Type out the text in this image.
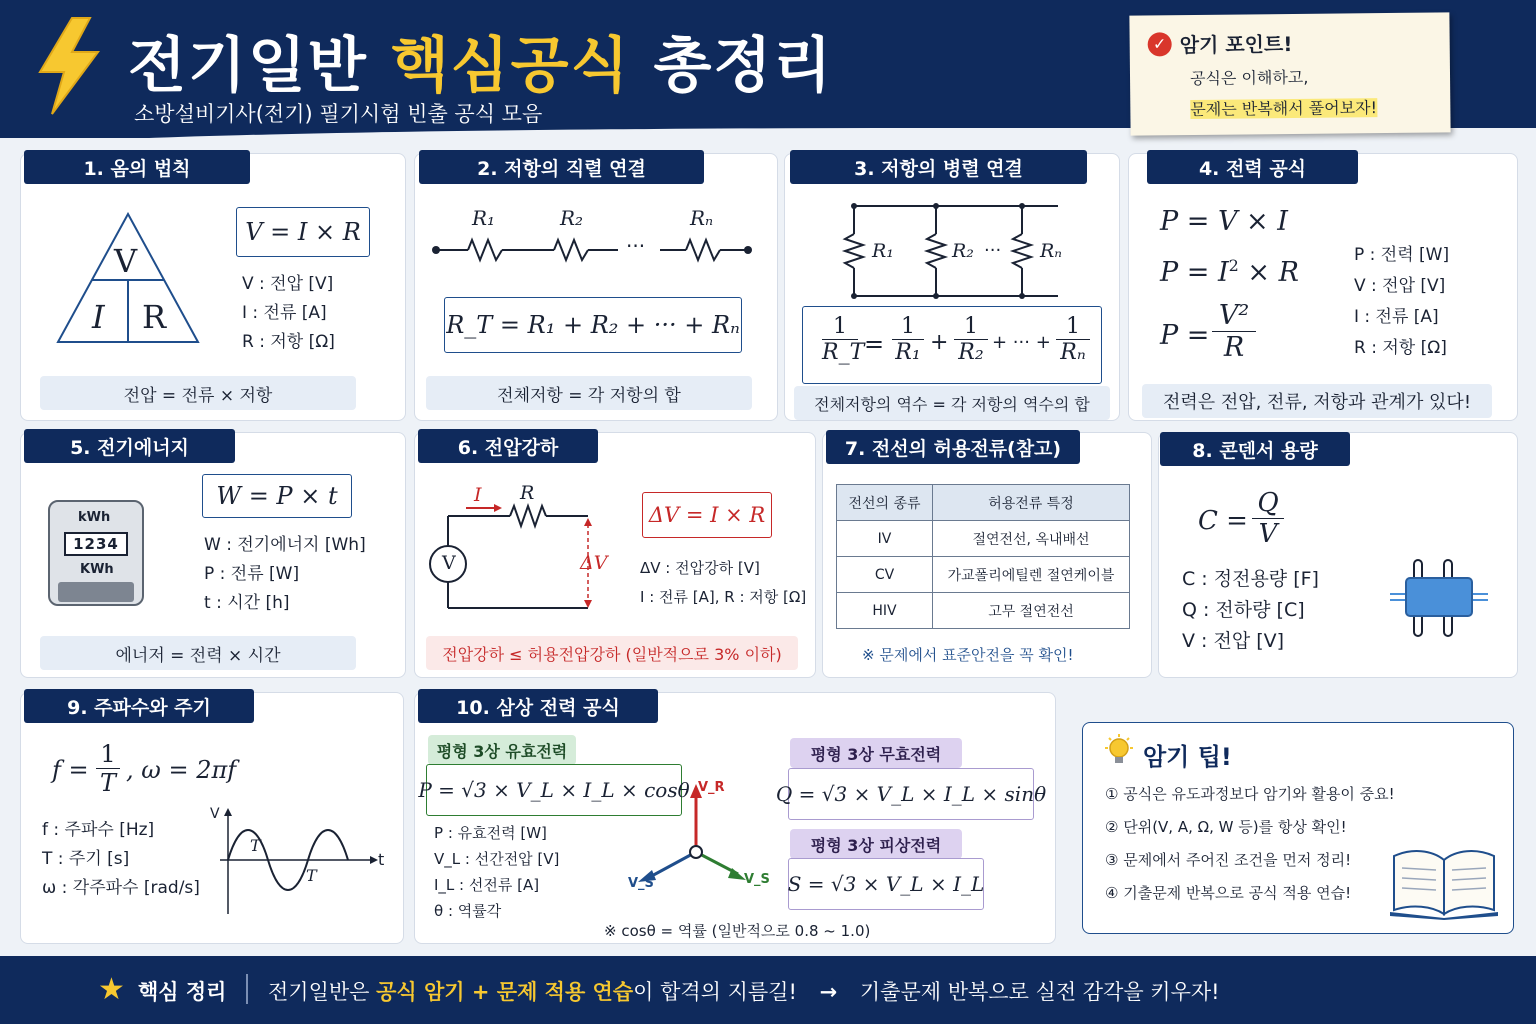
전기일반 핵심공식 총정리
소방설비기사(전기) 필기시험 빈출 공식 모음
✓ 암기 포인트!
공식은 이해하고,
문제는 반복해서 풀어보자!
1. 옴의 법칙
V
I R
V = I × R
V : 전압 [V]
I : 전류 [A]
R : 저항 [Ω]
전압 = 전류 × 저항
2. 저항의 직렬 연결
R₁	R₂
···
Rₙ
R_T = R₁ + R₂ + ··· + Rₙ
전체저항 = 각 저항의 합
3. 저항의 병렬 연결
R₁	R₂ ··· Rₙ
1
R_T =
1
R₁ +
1
R₂ + ··· +
1
Rₙ
전체저항의 역수 = 각 저항의 역수의 합
4. 전력 공식
P = V × I
$P = I^2 \times R$
P =
V²
R
P : 전력 [W]
V : 전압 [V]
I : 전류 [A]
R : 저항 [Ω]
전력은 전압, 전류, 저항과 관계가 있다!
5. 전기에너지
kWh
1234
KWh
W = P × t
W : 전기에너지 [Wh]
P : 전류 [W]
t : 시간 [h]
에너저 = 전력 × 시간
6. 전압강하
I R
V	ΔV
ΔV = I × R
ΔV : 전압강하 [V]
I : 전류 [A], R : 저항 [Ω]
전압강하 ≤ 허용전압강하 (일반적으로 3% 이하)
7. 전선의 허용전류(참고)
전선의 종류	허용전류 특정
IV	절연전선, 옥내배선
CV	가교폴리에틸렌 절연케이블
HIV	고무 절연전선
※ 문제에서 표준안전을 꼭 확인!
8. 콘덴서 용량
C =
Q
V
C : 정전용량 [F]
Q : 전하량 [C]
V : 전압 [V]
9. 주파수와 주기
f =
1
T , ω = 2πf
f : 주파수 [Hz]
T : 주기 [s]
ω : 각주파수 [rad/s]
V
t
T
T
10. 삼상 전력 공식
평형 3상 유효전력
P = √3 × V_L × I_L × cosθ
P : 유효전력 [W]
V_L : 선간전압 [V]
I_L : 선전류 [A]
θ : 역률각
V_R
V_S	V_S
평형 3상 무효전력
Q = √3 × V_L × I_L × sinθ
평형 3상 피상전력
S = √3 × V_L × I_L
※ cosθ = 역률 (일반적으로 0.8 ~ 1.0)
암기 팁!
① 공식은 유도과정보다 암기와 활용이 중요!
② 단위(V, A, Ω, W 등)를 항상 확인!
③ 문제에서 주어진 조건을 먼저 정리!
④ 기출문제 반복으로 공식 적용 연습!
★ 핵심 정리 전기일반은 공식 암기 + 문제 적용 연습이 합격의 지름길! → 기출문제 반복으로 실전 감각을 키우자!
